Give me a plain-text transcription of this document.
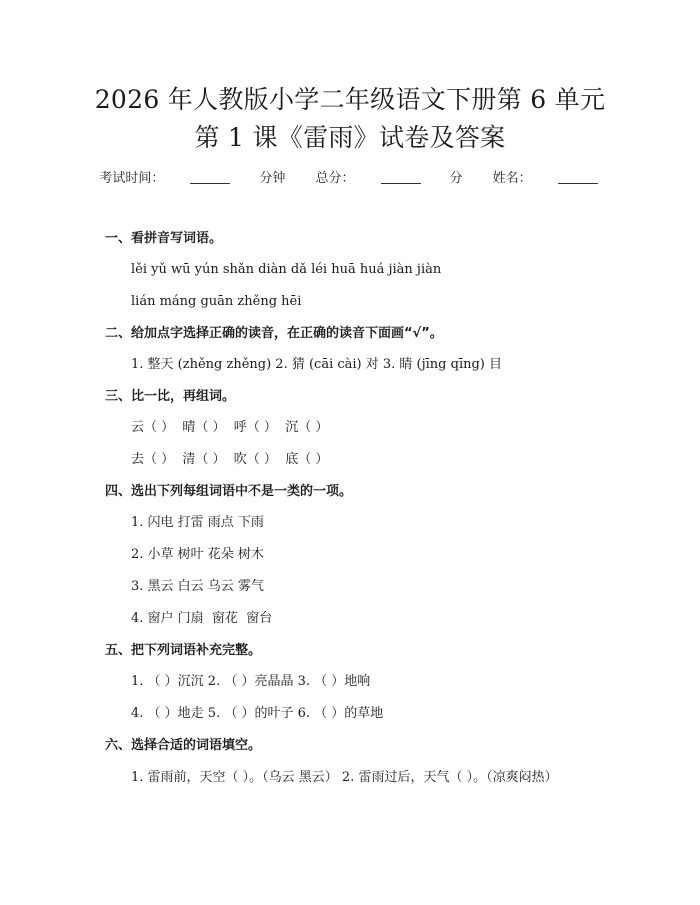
2026 年人教版小学二年级语文下册第 6 单元
第 1 课《雷雨》试卷及答案
考试时间：	分钟 总分：	分 姓名：
一、看拼音写词语。
lěi yǔ wū yún shǎn diàn dǎ léi huā huá jiàn jiàn
lián máng guān zhěng hēi
二、给加点字选择正确的读音，在正确的读音下面画“√”。
1. 整天 (zhěng zhěng) 2. 猜 (cāi cài) 对 3. 睛 (jīng qīng) 目
三、比一比，再组词。
云（ ）  晴（ ）  呼（ ）  沉（ ）
去（ ）  清（ ）  吹（ ）  底（ ）
四、选出下列每组词语中不是一类的一项。
1. 闪电 打雷 雨点 下雨
2. 小草 树叶 花朵 树木
3. 黑云 白云 乌云 雾气
4. 窗户 门扇  窗花  窗台
五、把下列词语补充完整。
1. （ ）沉沉 2. （ ）亮晶晶 3. （ ）地响
4. （ ）地走 5. （ ）的叶子 6. （ ）的草地
六、选择合适的词语填空。
1. 雷雨前，天空（ ）。（乌云 黑云） 2. 雷雨过后，天气（ ）。（凉爽闷热）
